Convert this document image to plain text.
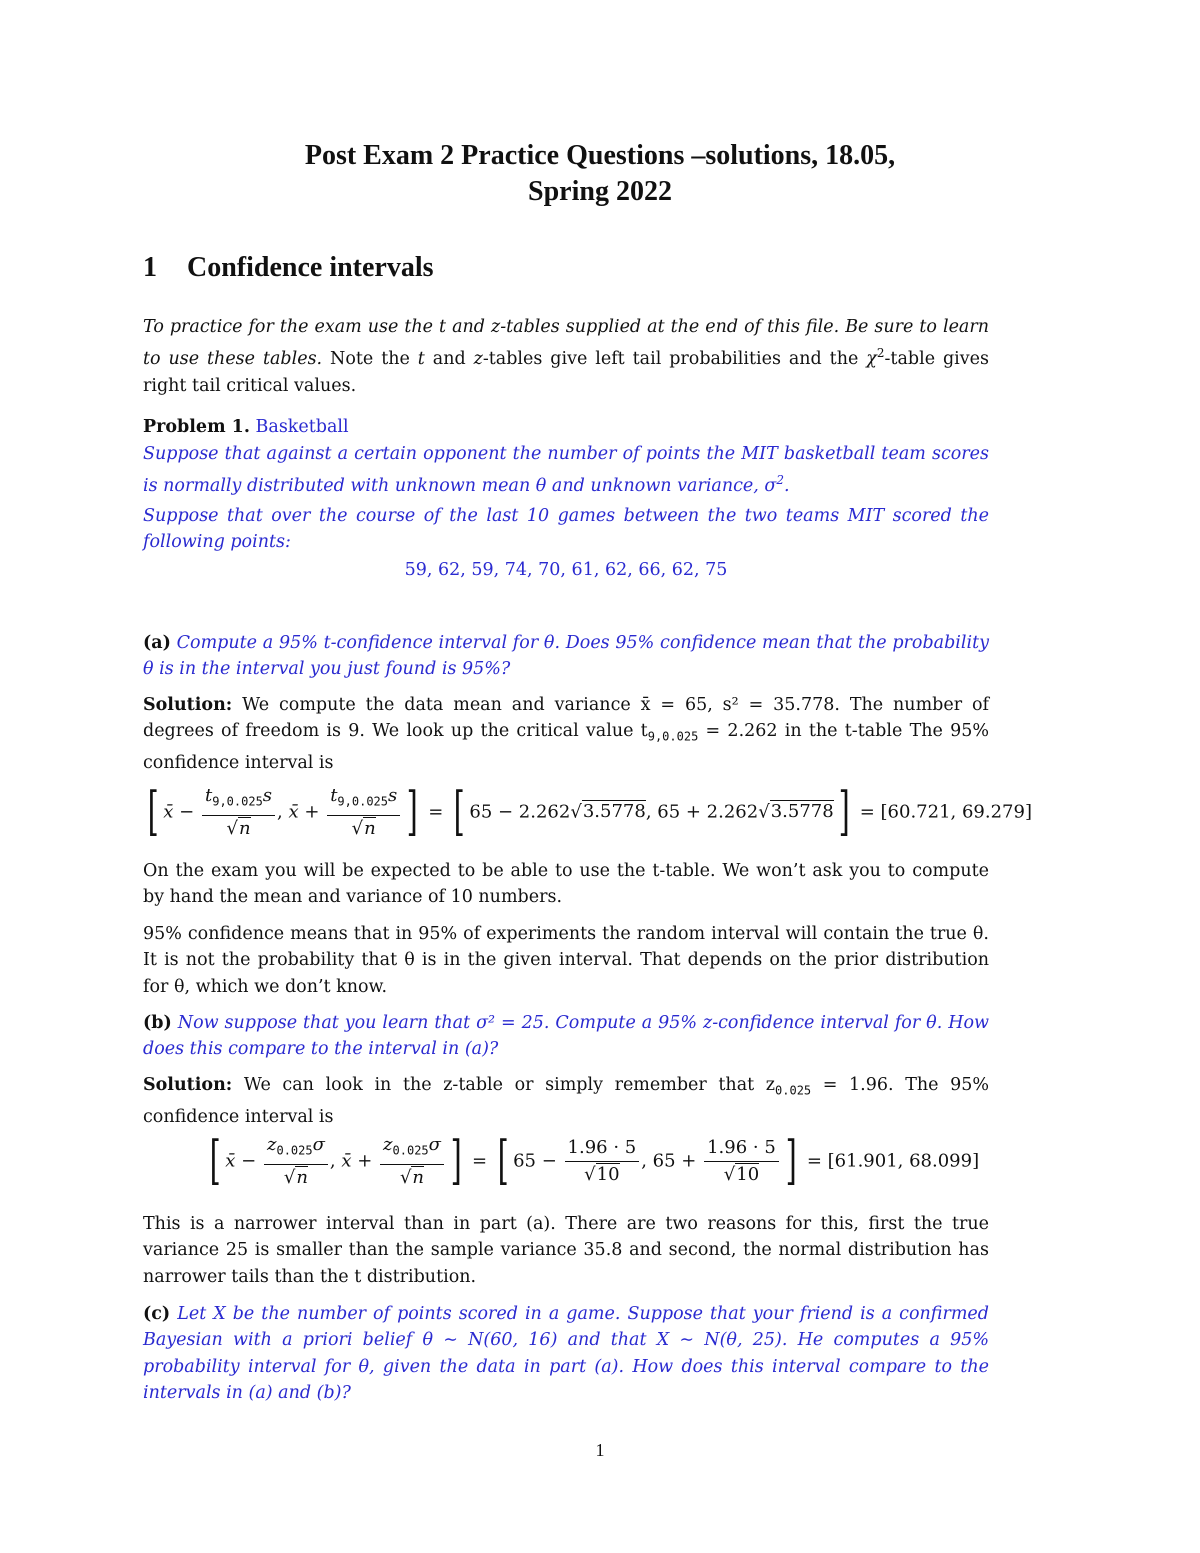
Post Exam 2 Practice Questions –solutions, 18.05,
Spring 2022
1 Confidence intervals
To practice for the exam use the t and z-tables supplied at the end of this file. Be sure to learn to use these tables. Note the t and z-tables give left tail probabilities and the $\chi^2$-table gives right tail critical values.
Problem 1. Basketball
Suppose that against a certain opponent the number of points the MIT basketball team scores is normally distributed with unknown mean θ and unknown variance, $\sigma^2$.
Suppose that over the course of the last 10 games between the two teams MIT scored the following points:
59, 62, 59, 74, 70, 61, 62, 66, 62, 75
(a) Compute a 95% t-confidence interval for θ. Does 95% confidence mean that the probability θ is in the interval you just found is 95%?
Solution: We compute the data mean and variance x̄ = 65, s² = 35.778. The number of degrees of freedom is 9. We look up the critical value $t_{9,0.025} = 2.262$ in the t-table The 95% confidence interval is
[ x̄ − $\frac{t_{9,0.025}s}{√n}$ , x̄ + $\frac{t_{9,0.025}s}{√n}$ ] = [ 65 − 2.262√3.5778, 65 + 2.262√3.5778] = [60.721, 69.279]
On the exam you will be expected to be able to use the t-table. We won’t ask you to compute by hand the mean and variance of 10 numbers.
95% confidence means that in 95% of experiments the random interval will contain the true θ. It is not the probability that θ is in the given interval. That depends on the prior distribution for θ, which we don’t know.
(b) Now suppose that you learn that σ² = 25. Compute a 95% z-confidence interval for θ. How does this compare to the interval in (a)?
Solution: We can look in the z-table or simply remember that $z_{0.025} = 1.96$. The 95% confidence interval is
[ x̄ − $\frac{z_{0.025}\sigma}{√n}$ , x̄ + $\frac{z_{0.025}\sigma}{√n}$ ] = [ $65 - \frac{1.96 \cdot 5}{√10}$ , $65 + \frac{1.96 \cdot 5}{√10}$ ] = [61.901, 68.099]
This is a narrower interval than in part (a). There are two reasons for this, first the true variance 25 is smaller than the sample variance 35.8 and second, the normal distribution has narrower tails than the t distribution.
(c) Let X be the number of points scored in a game. Suppose that your friend is a confirmed Bayesian with a priori belief θ ∼ N(60, 16) and that X ∼ N(θ, 25). He computes a 95% probability interval for θ, given the data in part (a). How does this interval compare to the intervals in (a) and (b)?
1
